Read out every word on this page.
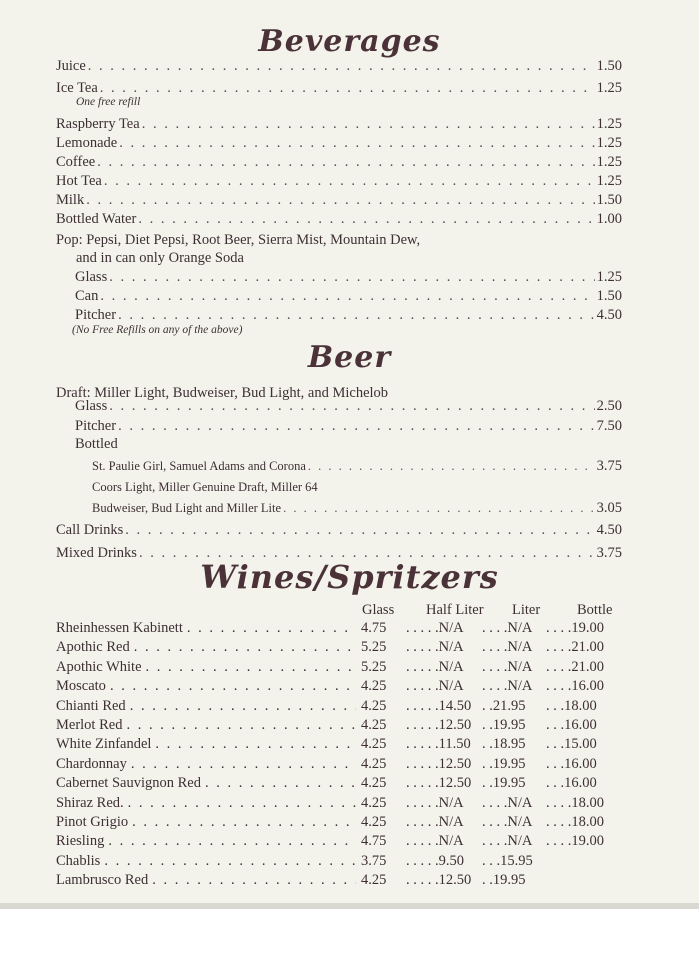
Beverages
Juice . . .	1.50
Ice Tea . . .	1.25
Raspberry Tea . . .	1.25
Lemonade . . .	1.25
Coffee . . .	1.25
Hot Tea . . .	1.25
Milk . . .	1.50
Bottled Water . . .	1.00
One free refill
Pop: Pepsi, Diet Pepsi, Root Beer, Sierra Mist, Mountain Dew,
and in can only Orange Soda
Glass . . .	1.25
Can . . .	1.50
Pitcher . . .	4.50
(No Free Refills on any of the above)
Beer
Draft: Miller Light, Budweiser, Bud Light, and Michelob
Glass . . .	2.50
Pitcher . . .	7.50
Bottled
St. Paulie Girl, Samuel Adams and Corona . . .	3.75
Coors Light, Miller Genuine Draft, Miller 64
Budweiser, Bud Light and Miller Lite . . .	3.05
Call Drinks . . .	4.50
Mixed Drinks . . .	3.75
Wines/Spritzers
Glass Half Liter Liter	Bottle
Rheinhessen Kabinett . . .	4.75 . . . . .N/A . . . .N/A . . . .19.00
Apothic Red . . .	5.25 . . . . .N/A . . . .N/A . . . .21.00
Apothic White . . .	5.25 . . . . .N/A . . . .N/A . . . .21.00
Moscato . . .	4.25 . . . . .N/A . . . .N/A . . . .16.00
Chianti Red . . .	4.25 . . . . .14.50 . .21.95 . . .18.00
Merlot Red . . .	4.25 . . . . .12.50 . .19.95 . . .16.00
White Zinfandel . . .	4.25 . . . . .11.50 . .18.95 . . .15.00
Chardonnay . . .	4.25 . . . . .12.50 . .19.95 . . .16.00
Cabernet Sauvignon Red . . .	4.25 . . . . .12.50 . .19.95 . . .16.00
Shiraz Red. . . .	4.25 . . . . .N/A . . . .N/A . . . .18.00
Pinot Grigio . . .	4.25 . . . . .N/A . . . .N/A . . . .18.00
Riesling . . .	4.75 . . . . .N/A . . . .N/A . . . .19.00
Chablis . . .	3.75 . . . . .9.50 . . .15.95
Lambrusco Red . . .	4.25 . . . . .12.50 . .19.95
